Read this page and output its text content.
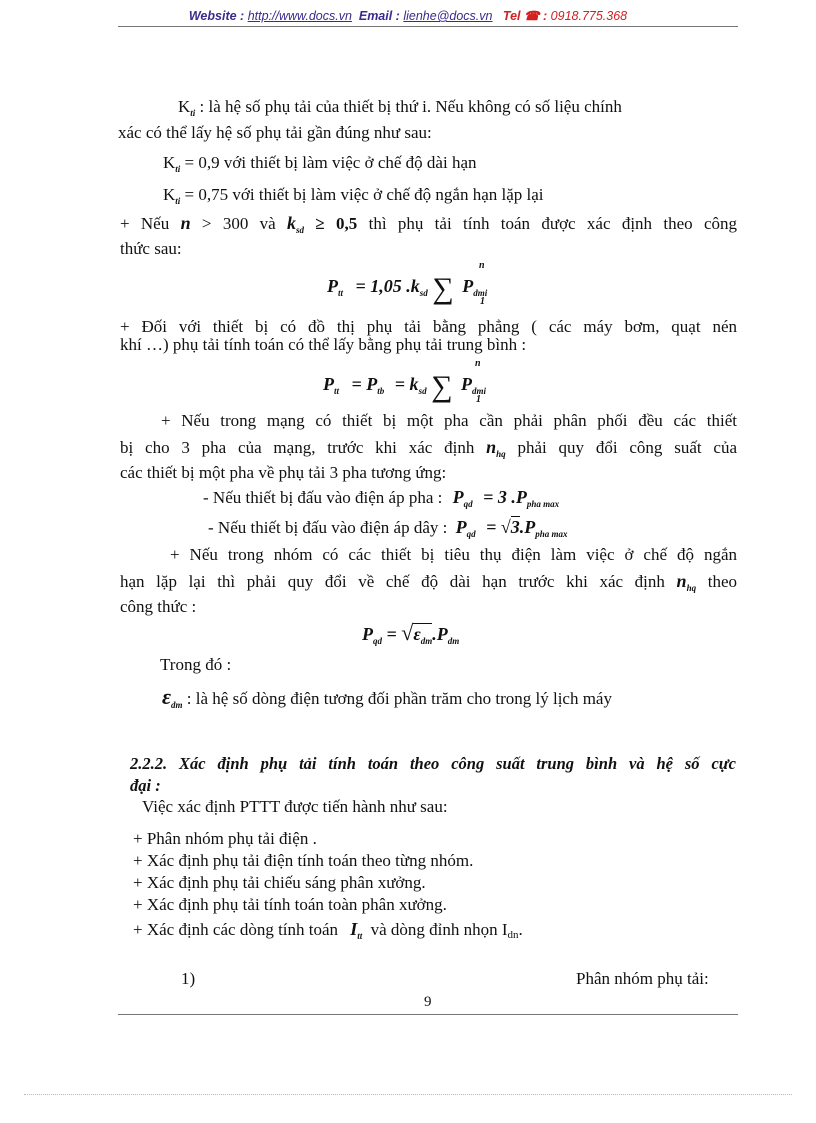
Website : http://www.docs.vn Email : lienhe@docs.vn Tel ☎ : 0918.775.368
$K_{ti}$ : là hệ số phụ tải của thiết bị thứ i. Nếu không có số liệu chính
xác có thể lấy hệ số phụ tải gần đúng như sau:
$K_{ti} = 0,9$ với thiết bị làm việc ở chế độ dài hạn
$K_{ti} = 0,75$ với thiết bị làm việc ở chế độ ngắn hạn lặp lại
+ Nếu n > 300 và $k_{sd} \ge 0,5$ thì phụ tải tính toán được xác định theo công
thức sau:
$P_{tt} = 1,05$ $.k_{sd}$ ∑
n
1
$P_{dmi}$
+ Đối với thiết bị có đồ thị phụ tải bằng phẳng ( các máy bơm, quạt nén
khí …) phụ tải tính toán có thể lấy bằng phụ tải trung bình :
$P_{tt} = P_{tb} = k_{sd}$ ∑
n
1
$P_{dmi}$
+ Nếu trong mạng có thiết bị một pha cần phải phân phối đều các thiết
bị cho 3 pha của mạng, trước khi xác định $n_{hq}$ phải quy đổi công suất của
các thiết bị một pha về phụ tải 3 pha tương ứng:
- Nếu thiết bị đấu vào điện áp pha : $P_{qd} = 3$ $.P_{pha max}$
- Nếu thiết bị đấu vào điện áp dây : $P_{qd} = √3.P_{pha max}$
+ Nếu trong nhóm có các thiết bị tiêu thụ điện làm việc ở chế độ ngắn
hạn lặp lại thì phải quy đổi về chế độ dài hạn trước khi xác định $n_{hq}$ theo
công thức :
$P_{qd} = √\varepsilon_{dm}.P_{dm}$
Trong đó :
$\varepsilon_{dm}$ : là hệ số dòng điện tương đối phần trăm cho trong lý lịch máy
2.2.2. Xác định phụ tải tính toán theo công suất trung bình và hệ số cực
đại :
Việc xác định PTTT được tiến hành như sau:
+ Phân nhóm phụ tải điện .
+ Xác định phụ tải điện tính toán theo từng nhóm.
+ Xác định phụ tải chiếu sáng phân xưởng.
+ Xác định phụ tải tính toán toàn phân xưởng.
+ Xác định các dòng tính toán $I_{tt}$ và dòng đỉnh nhọn Idn.
1)	Phân nhóm phụ tải:
9
